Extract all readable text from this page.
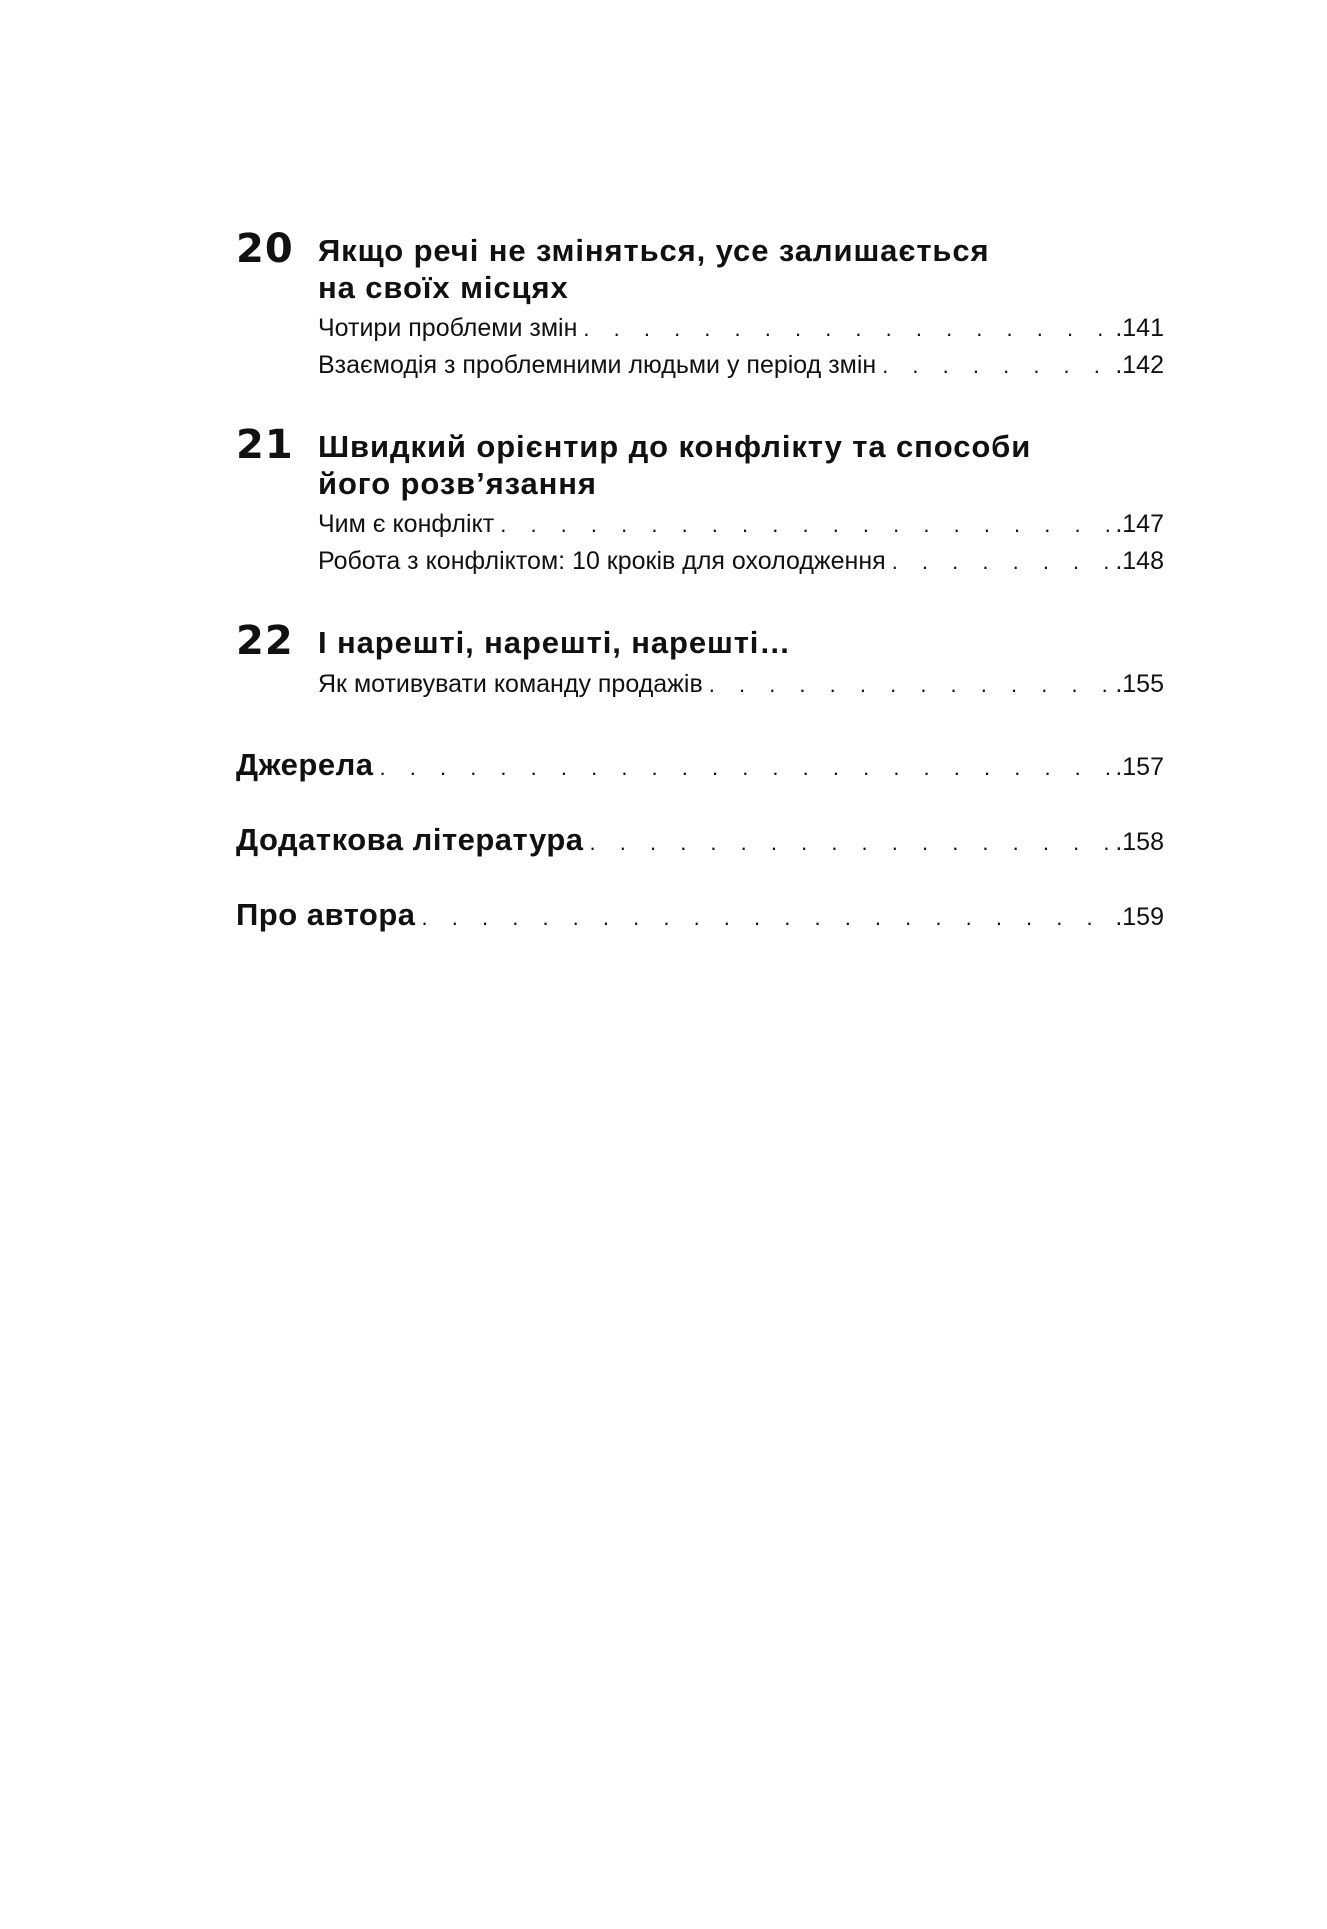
20 Якщо речі не зміняться, усе залишається
на своїх місцях
Чотири проблеми змін . . .	.141
Взаємодія з проблемними людьми у період змін . . .	.142
21 Швидкий орієнтир до конфлікту та способи
його розв’язання
Чим є конфлікт . . .	.147
Робота з конфліктом: 10 кроків для охолодження . . .	.148
22 І нарешті, нарешті, нарешті…
Як мотивувати команду продажів . . .	.155
Джерела . . .	.157
Додаткова література . . .	.158
Про автора . . .	.159
